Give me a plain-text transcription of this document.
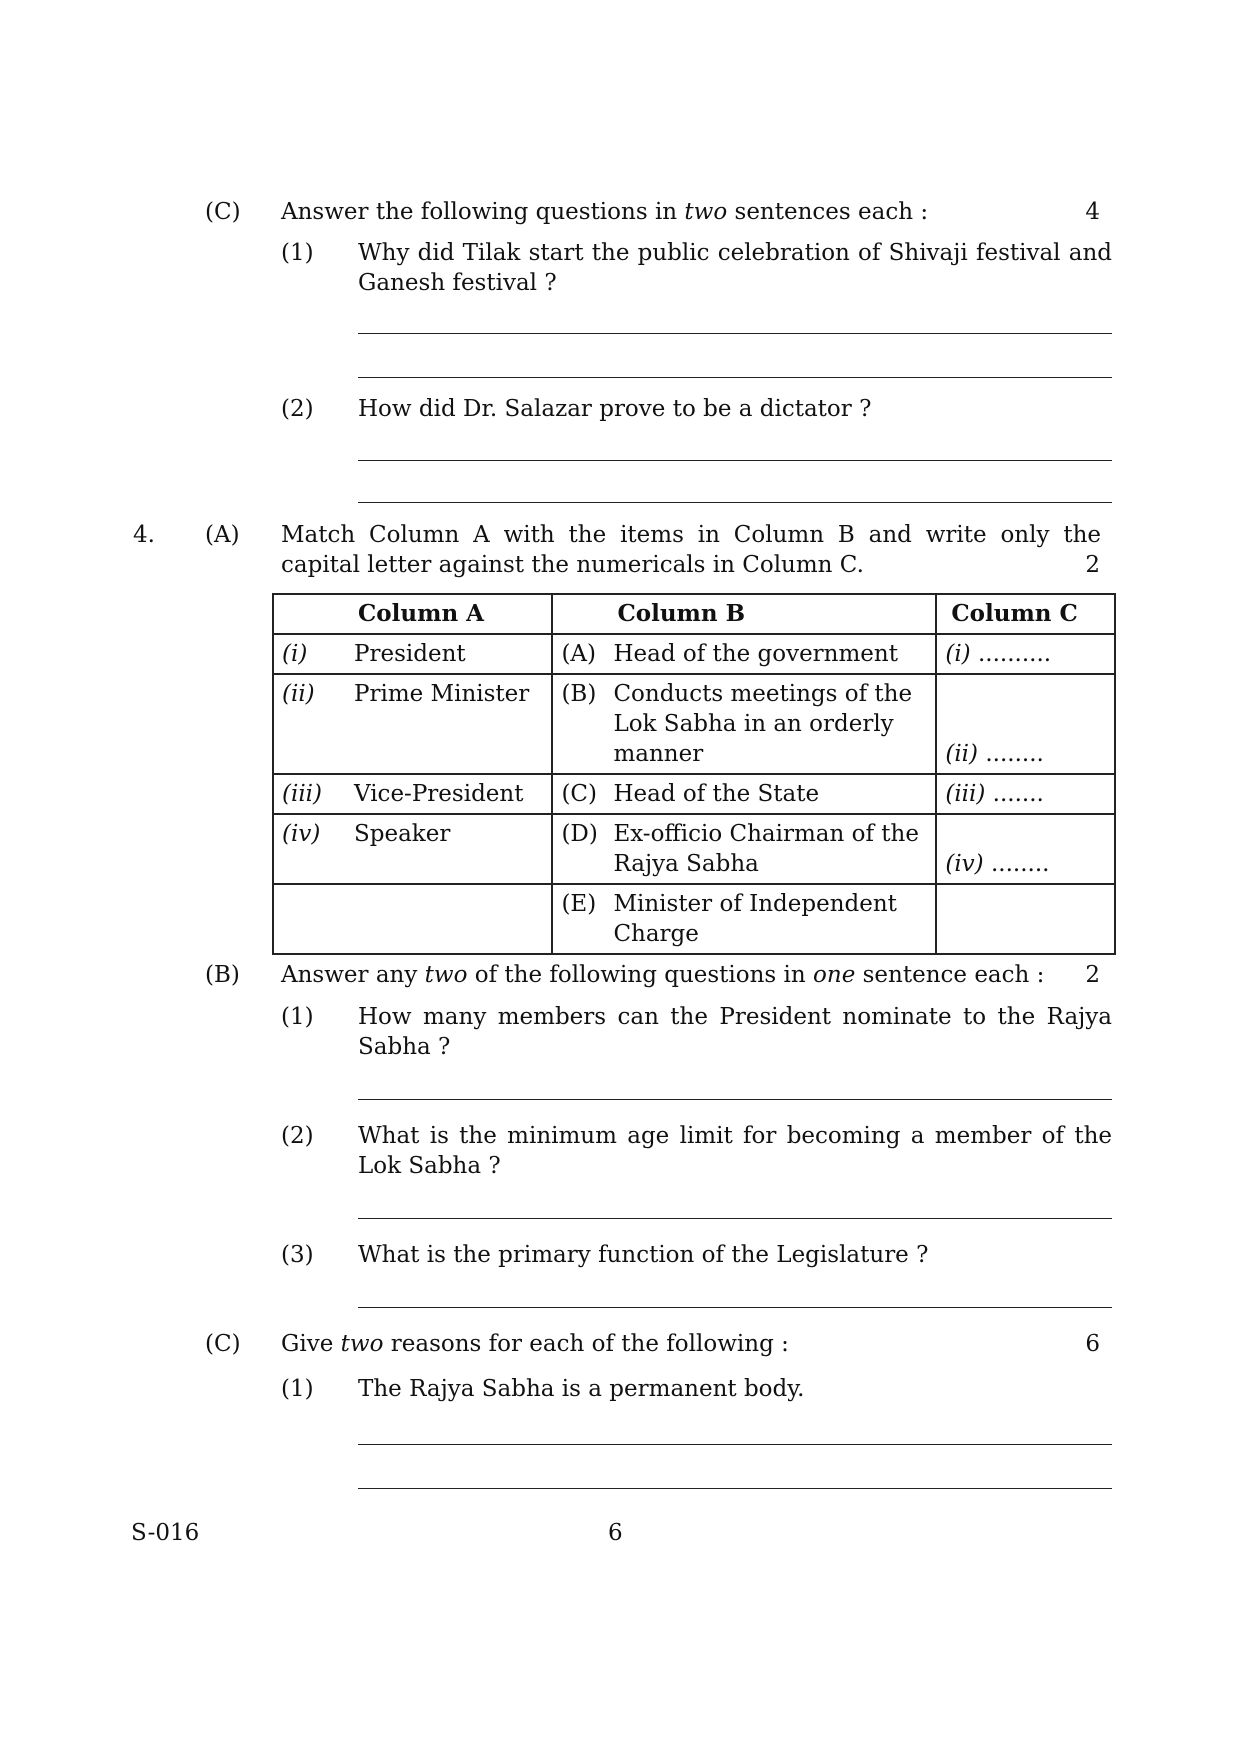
(C) Answer the following questions in two sentences each :	4
(1) Why did Tilak start the public celebration of Shivaji festival and Ganesh festival ?
(2) How did Dr. Salazar prove to be a dictator ?
4. (A) Match Column A with the items in Column B and write only the capital letter against the numericals in Column C.	2
Column A	Column B	Column C
(i) President	(A) Head of the government	(i) ..........
(ii) Prime Minister	(B) Conducts meetings of the Lok Sabha in an orderly manner	(ii) ........
(iii) Vice-President	(C) Head of the State	(iii) .......
(iv) Speaker	(D) Ex-officio Chairman of the Rajya Sabha	(iv) ........

	(E) Minister of Independent Charge	

(B) Answer any two of the following questions in one sentence each : 2
(1) How many members can the President nominate to the Rajya Sabha ?
(2) What is the minimum age limit for becoming a member of the Lok Sabha ?
(3) What is the primary function of the Legislature ?
(C) Give two reasons for each of the following :	6
(1) The Rajya Sabha is a permanent body.
S-016	6
